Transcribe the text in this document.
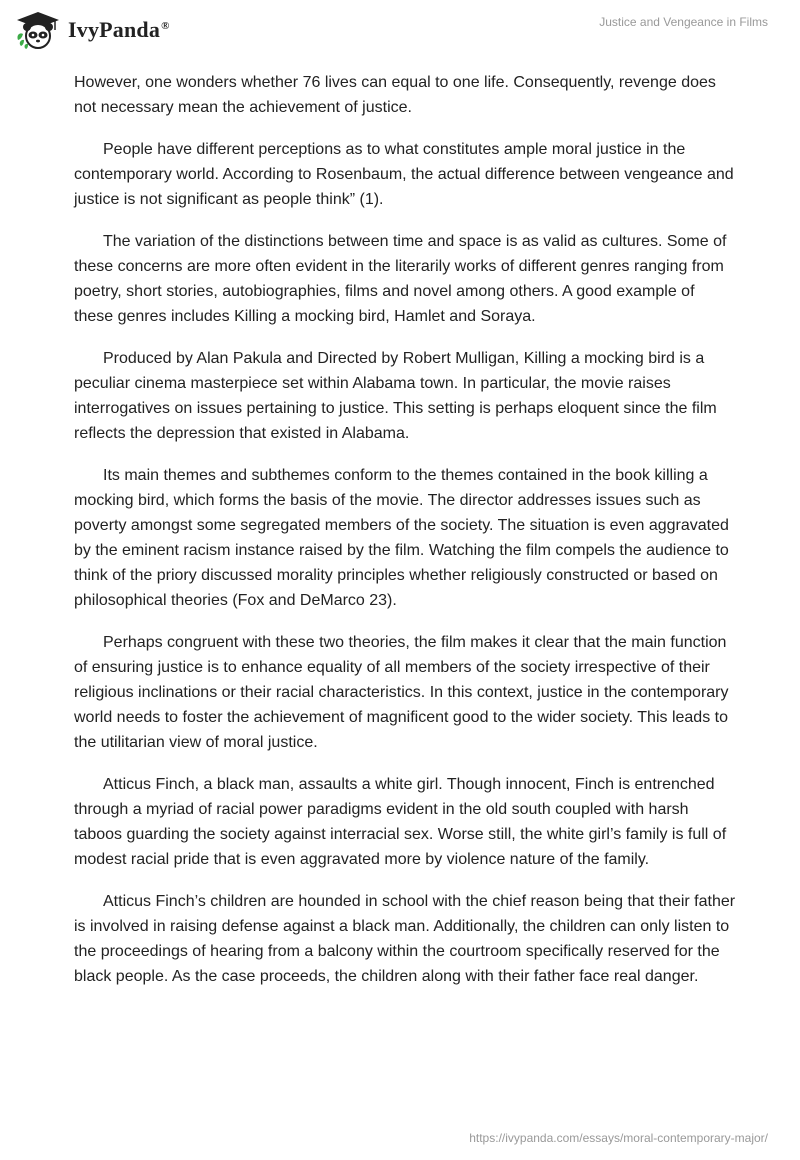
IvyPanda®	Justice and Vengeance in Films

However, one wonders whether 76 lives can equal to one life. Consequently, revenge does not necessary mean the achievement of justice.

People have different perceptions as to what constitutes ample moral justice in the contemporary world. According to Rosenbaum, the actual difference between vengeance and justice is not significant as people think” (1).

The variation of the distinctions between time and space is as valid as cultures. Some of these concerns are more often evident in the literarily works of different genres ranging from poetry, short stories, autobiographies, films and novel among others. A good example of these genres includes Killing a mocking bird, Hamlet and Soraya.

Produced by Alan Pakula and Directed by Robert Mulligan, Killing a mocking bird is a peculiar cinema masterpiece set within Alabama town. In particular, the movie raises interrogatives on issues pertaining to justice. This setting is perhaps eloquent since the film reflects the depression that existed in Alabama.

Its main themes and subthemes conform to the themes contained in the book killing a mocking bird, which forms the basis of the movie. The director addresses issues such as poverty amongst some segregated members of the society. The situation is even aggravated by the eminent racism instance raised by the film. Watching the film compels the audience to think of the priory discussed morality principles whether religiously constructed or based on philosophical theories (Fox and DeMarco 23).

Perhaps congruent with these two theories, the film makes it clear that the main function of ensuring justice is to enhance equality of all members of the society irrespective of their religious inclinations or their racial characteristics. In this context, justice in the contemporary world needs to foster the achievement of magnificent good to the wider society. This leads to the utilitarian view of moral justice.

Atticus Finch, a black man, assaults a white girl. Though innocent, Finch is entrenched through a myriad of racial power paradigms evident in the old south coupled with harsh taboos guarding the society against interracial sex. Worse still, the white girl’s family is full of modest racial pride that is even aggravated more by violence nature of the family.

Atticus Finch’s children are hounded in school with the chief reason being that their father is involved in raising defense against a black man. Additionally, the children can only listen to the proceedings of hearing from a balcony within the courtroom specifically reserved for the black people. As the case proceeds, the children along with their father face real danger.

https://ivypanda.com/essays/moral-contemporary-major/
